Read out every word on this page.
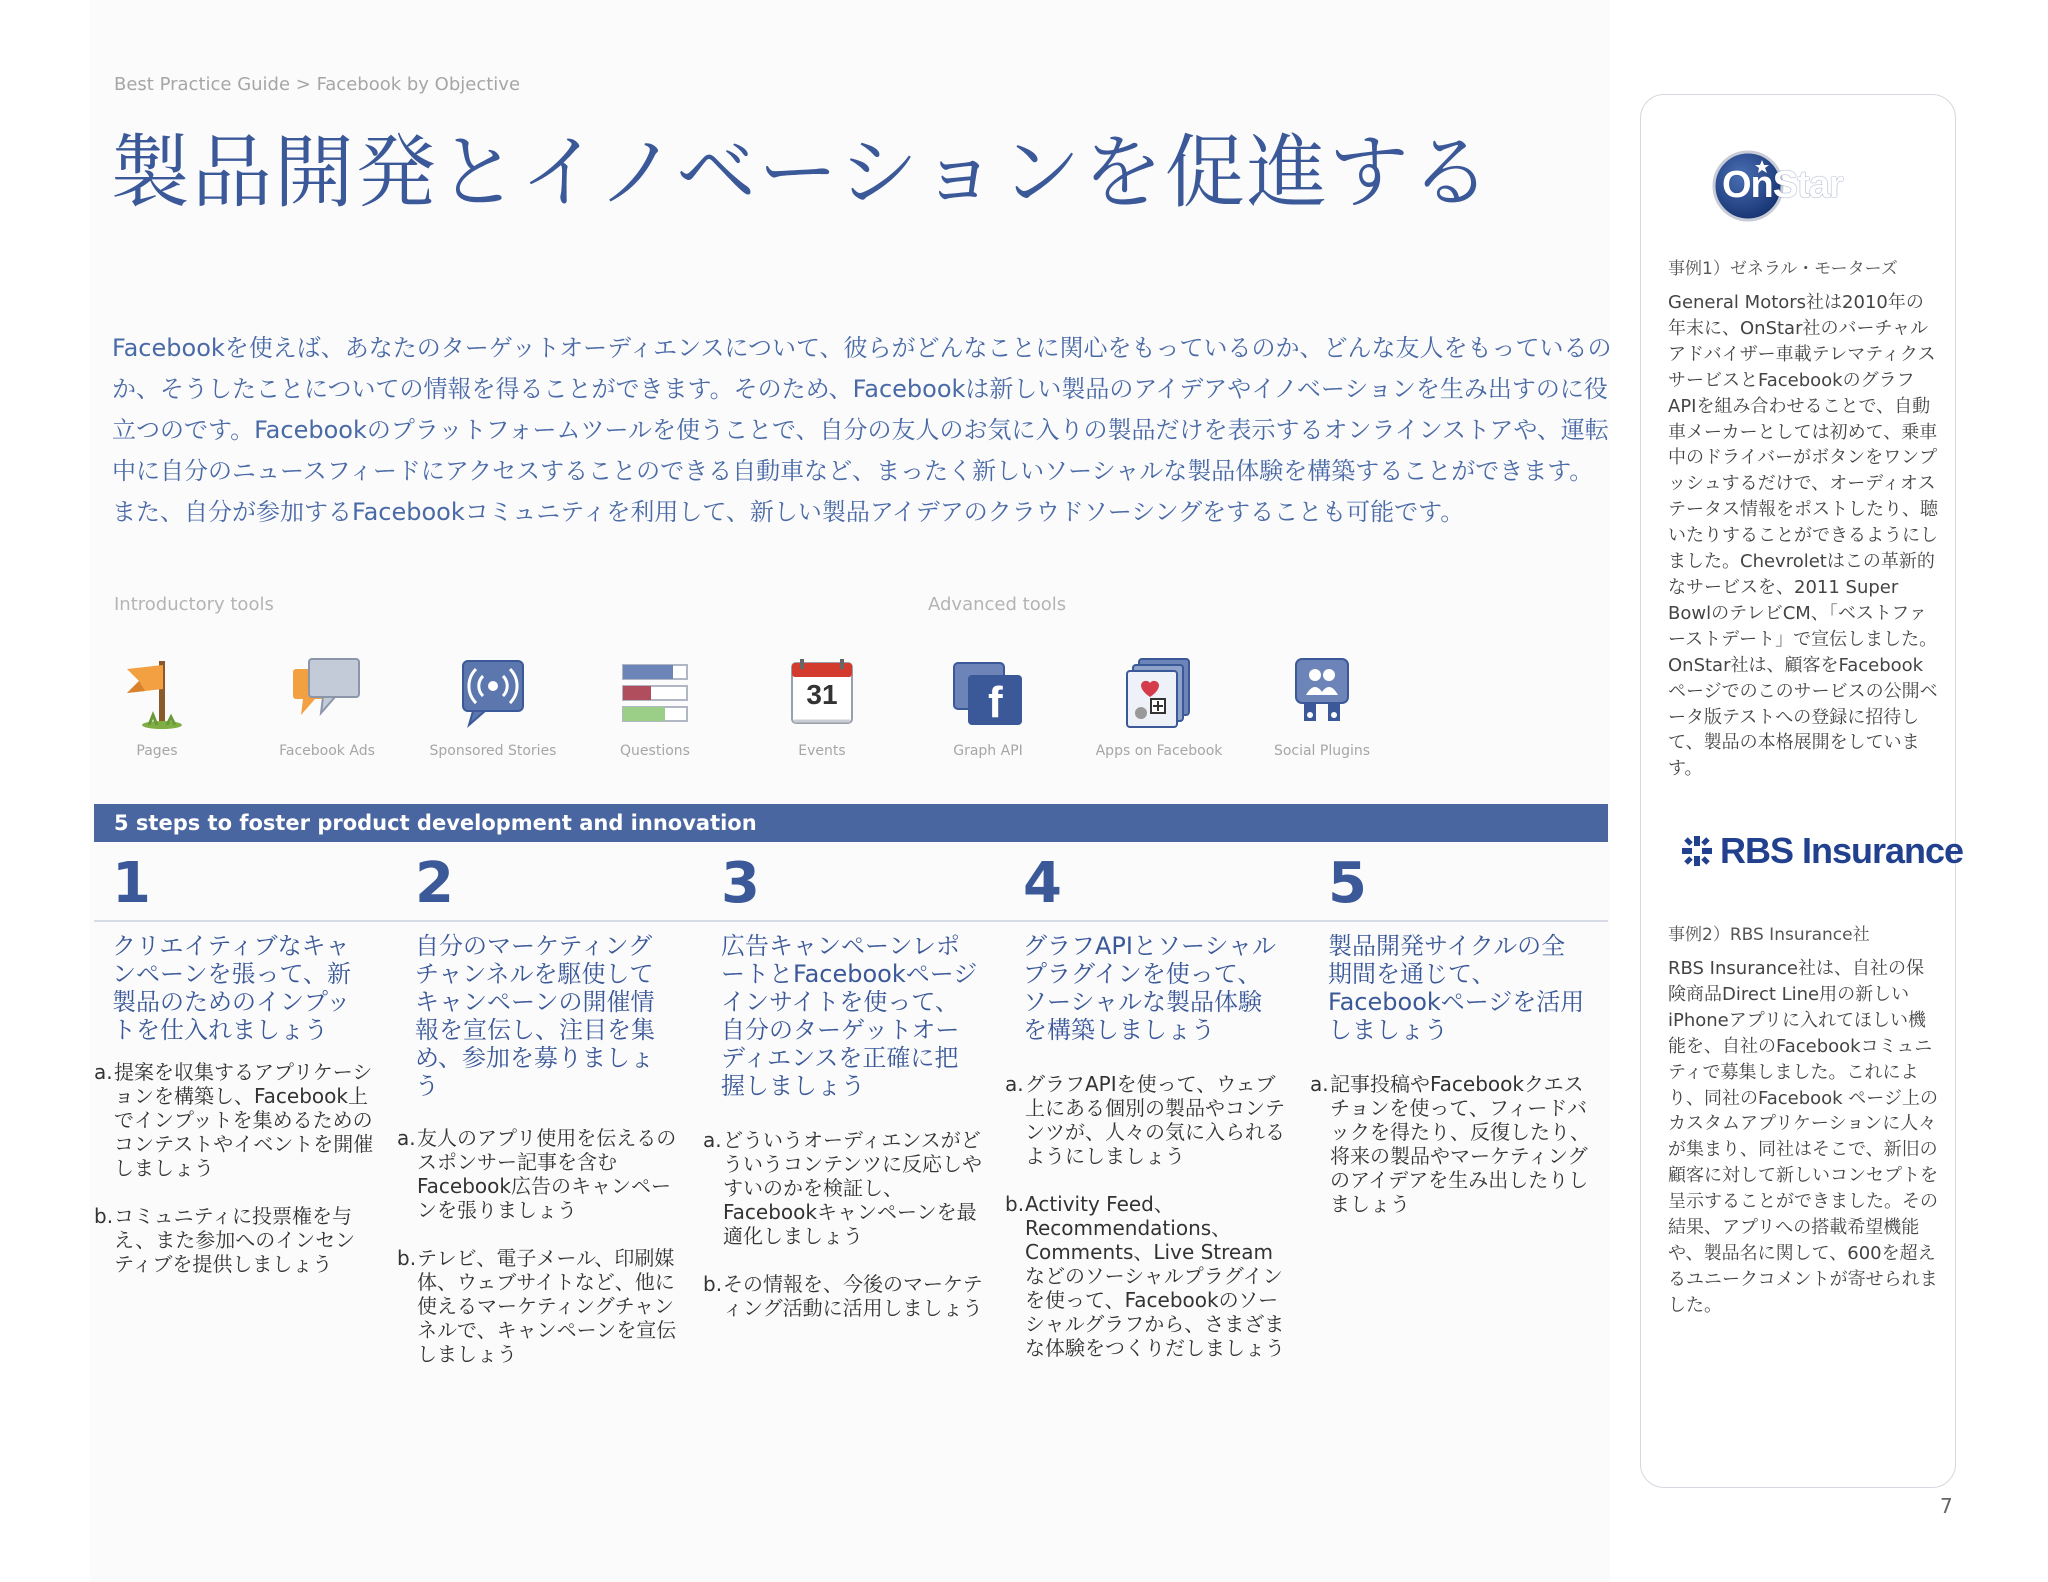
Best Practice Guide > Facebook by Objective
製品開発とイノベーションを促進する
Facebookを使えば、あなたのターゲットオーディエンスについて、彼らがどんなことに関心をもっているのか、どんな友人をもっているのか、そうしたことについての情報を得ることができます。そのため、Facebookは新しい製品のアイデアやイノベーションを生み出すのに役立つのです。Facebookのプラットフォームツールを使うことで、自分の友人のお気に入りの製品だけを表示するオンラインストアや、運転中に自分のニュースフィードにアクセスすることのできる自動車など、まったく新しいソーシャルな製品体験を構築することができます。また、自分が参加するFacebookコミュニティを利用して、新しい製品アイデアのクラウドソーシングをすることも可能です。
Introductory tools	Advanced tools
Pages	Facebook Ads	Sponsored Stories	Questions
31
Events
f
Graph API	Apps on Facebook	Social Plugins
5 steps to foster product development and innovation
1
クリエイティブなキャンペーンを張って、新製品のためのインプットを仕入れましょう
a. 提案を収集するアプリケーションを構築し、Facebook上でインプットを集めるためのコンテストやイベントを開催しましょう
b. コミュニティに投票権を与え、また参加へのインセンティブを提供しましょう
2
自分のマーケティングチャンネルを駆使してキャンペーンの開催情報を宣伝し、注目を集め、参加を募りましょう
a. 友人のアプリ使用を伝えるのスポンサー記事を含むFacebook広告のキャンペーンを張りましょう
b. テレビ、電子メール、印刷媒体、ウェブサイトなど、他に使えるマーケティングチャンネルで、キャンペーンを宣伝しましょう
3
広告キャンペーンレポートとFacebookページ インサイトを使って、自分のターゲットオーディエンスを正確に把握しましょう
a. どういうオーディエンスがどういうコンテンツに反応しやすいのかを検証し、Facebookキャンペーンを最適化しましょう
b. その情報を、今後のマーケティング活動に活用しましょう
4
グラフAPIとソーシャルプラグインを使って、ソーシャルな製品体験を構築しましょう
a. グラフAPIを使って、ウェブ上にある個別の製品やコンテンツが、人々の気に入られるようにしましょう
b. Activity Feed、Recommendations、Comments、Live Streamなどのソーシャルプラグインを使って、Facebookのソーシャルグラフから、さまざまな体験をつくりだしましょう
5
製品開発サイクルの全期間を通じて、Facebookページを活用しましょう
a. 記事投稿やFacebookクエスチョンを使って、フィードバックを得たり、反復したり、将来の製品やマーケティングのアイデアを生み出したりしましょう
OnStar
事例1）ゼネラル・モーターズ
General Motors社は2010年の年末に、OnStar社のバーチャルアドバイザー車載テレマティクスサービスとFacebookのグラフAPIを組み合わせることで、自動車メーカーとしては初めて、乗車中のドライバーがボタンをワンプッシュするだけで、オーディオステータス情報をポストしたり、聴いたりすることができるようにしました。Chevroletはこの革新的なサービスを、2011 Super BowlのテレビCM、「ベストファーストデート」で宣伝しました。OnStar社は、顧客をFacebookページでのこのサービスの公開ベータ版テストへの登録に招待して、製品の本格展開をしています。
RBS Insurance
事例2）RBS Insurance社
RBS Insurance社は、自社の保険商品Direct Line用の新しいiPhoneアプリに入れてほしい機能を、自社のFacebookコミュニティで募集しました。これにより、同社のFacebook ページ上のカスタムアプリケーションに人々が集まり、同社はそこで、新旧の顧客に対して新しいコンセプトを呈示することができました。その結果、アプリへの搭載希望機能や、製品名に関して、600を超えるユニークコメントが寄せられました。
7
